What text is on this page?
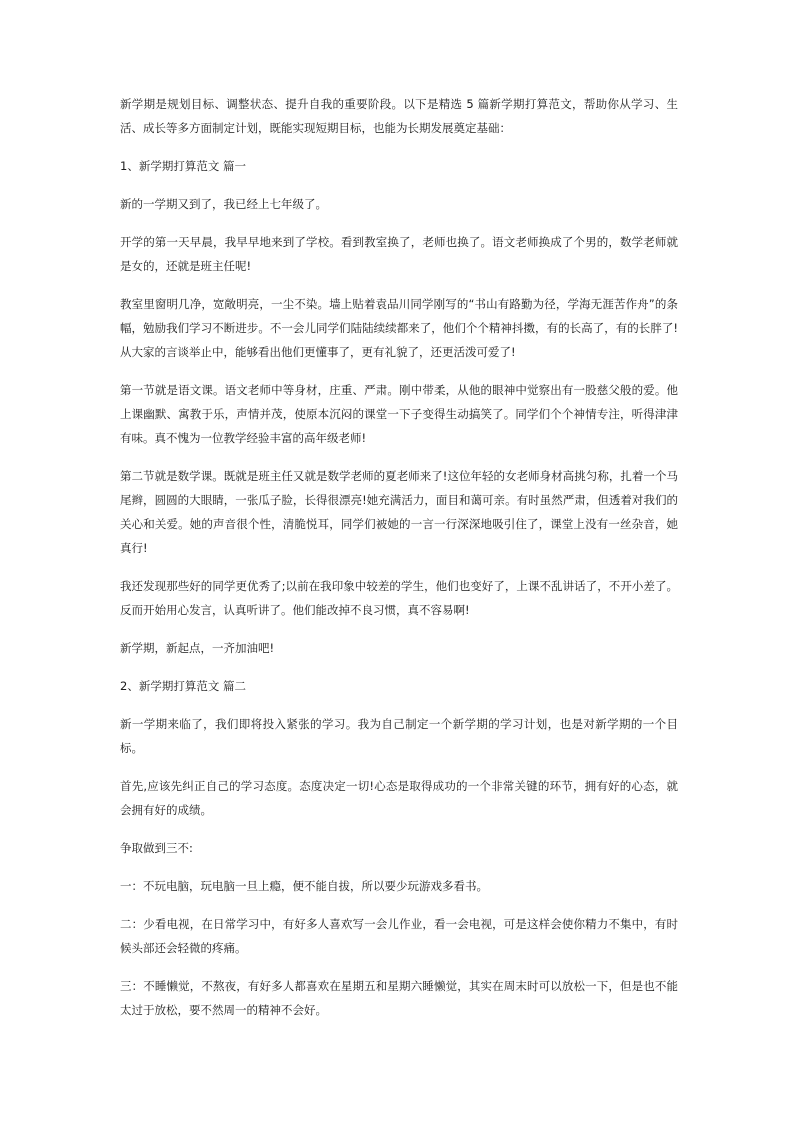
新学期是规划目标、调整状态、提升自我的重要阶段。以下是精选 5 篇新学期打算范文，帮助你从学习、生活、成长等多方面制定计划，既能实现短期目标，也能为长期发展奠定基础：

1、新学期打算范文 篇一

新的一学期又到了，我已经上七年级了。

开学的第一天早晨，我早早地来到了学校。看到教室换了，老师也换了。语文老师换成了个男的，数学老师就是女的，还就是班主任呢!

教室里窗明几净，宽敞明亮，一尘不染。墙上贴着袁品川同学刚写的“书山有路勤为径，学海无涯苦作舟”的条幅，勉励我们学习不断进步。不一会儿同学们陆陆续续都来了，他们个个精神抖擞，有的长高了，有的长胖了!从大家的言谈举止中，能够看出他们更懂事了，更有礼貌了，还更活泼可爱了!

第一节就是语文课。语文老师中等身材，庄重、严肃。刚中带柔，从他的眼神中觉察出有一股慈父般的爱。他上课幽默、寓教于乐，声情并茂，使原本沉闷的课堂一下子变得生动搞笑了。同学们个个神情专注，听得津津有味。真不愧为一位教学经验丰富的高年级老师!

第二节就是数学课。既就是班主任又就是数学老师的夏老师来了!这位年轻的女老师身材高挑匀称，扎着一个马尾辫，圆圆的大眼睛，一张瓜子脸，长得很漂亮!她充满活力，面目和蔼可亲。有时虽然严肃，但透着对我们的关心和关爱。她的声音很个性，清脆悦耳，同学们被她的一言一行深深地吸引住了，课堂上没有一丝杂音，她真行!

我还发现那些好的同学更优秀了;以前在我印象中较差的学生，他们也变好了，上课不乱讲话了，不开小差了。反而开始用心发言，认真听讲了。他们能改掉不良习惯，真不容易啊!

新学期，新起点，一齐加油吧!

2、新学期打算范文 篇二

新一学期来临了，我们即将投入紧张的学习。我为自己制定一个新学期的学习计划，也是对新学期的一个目标。

首先,应该先纠正自己的学习态度。态度决定一切!心态是取得成功的一个非常关键的环节，拥有好的心态，就会拥有好的成绩。

争取做到三不:

一：不玩电脑，玩电脑一旦上瘾，便不能自拔，所以要少玩游戏多看书。

二：少看电视，在日常学习中，有好多人喜欢写一会儿作业，看一会电视，可是这样会使你精力不集中，有时候头部还会轻微的疼痛。

三：不睡懒觉，不熬夜，有好多人都喜欢在星期五和星期六睡懒觉，其实在周末时可以放松一下，但是也不能太过于放松，要不然周一的精神不会好。
